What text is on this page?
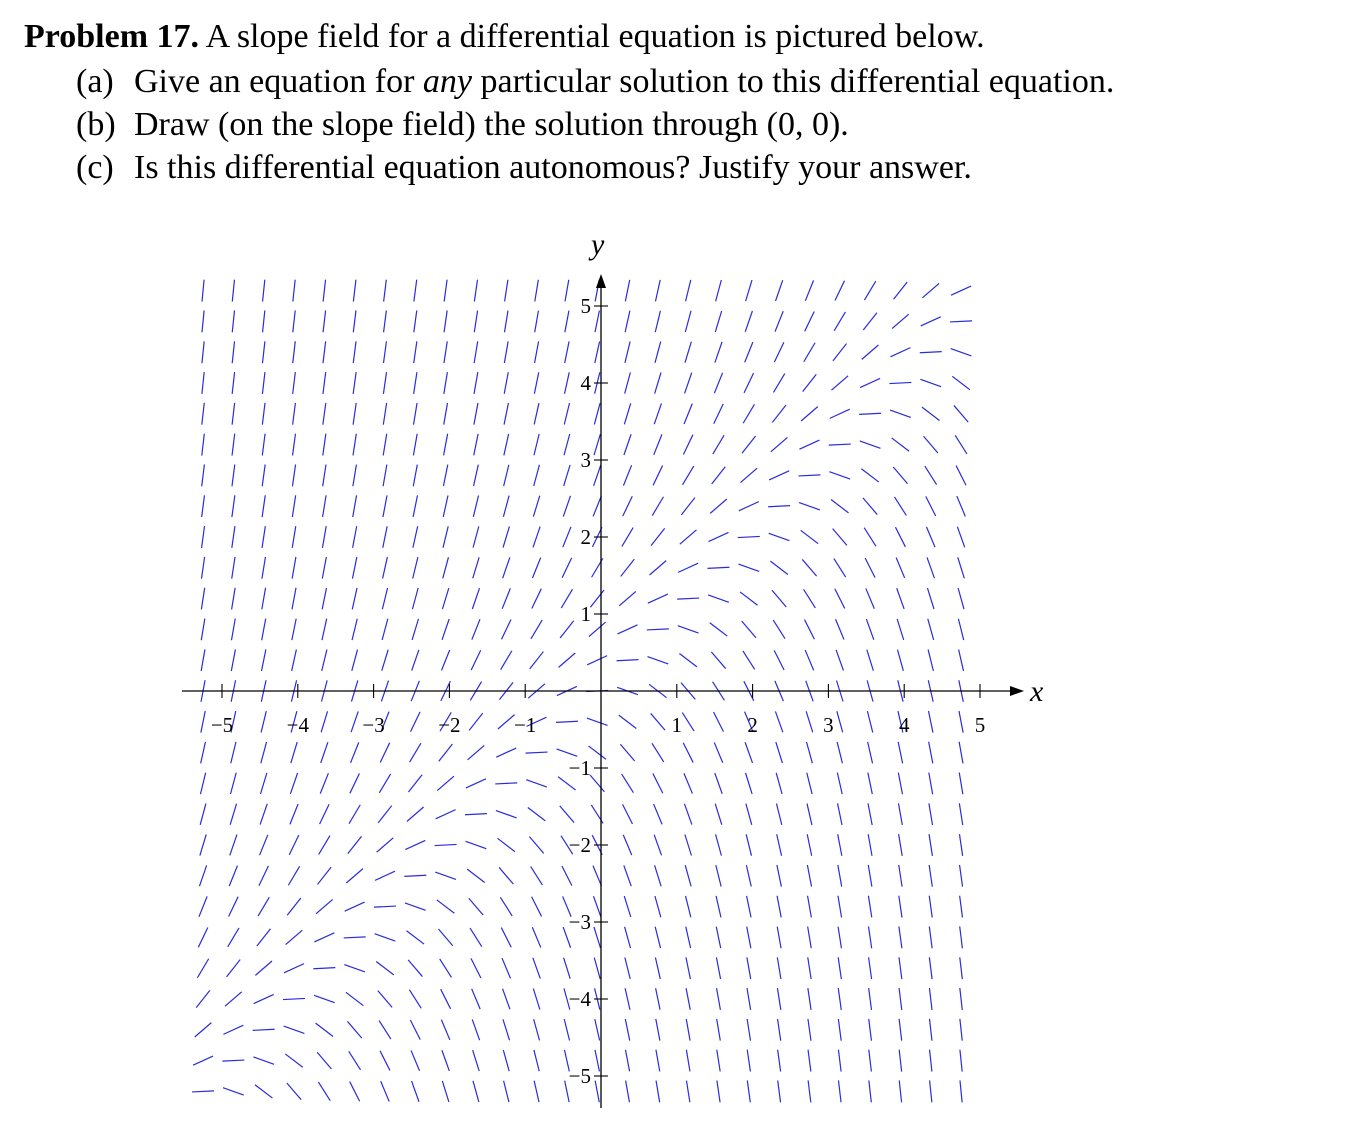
Problem 17. A slope field for a differential equation is pictured below.
(a) Give an equation for any particular solution to this differential equation.
(b) Draw (on the slope field) the solution through (0, 0).
(c) Is this differential equation autonomous? Justify your answer.
x
y
−5	−4	−3	−2	−1	1	2	3	4	5
−5
−4
−3
−2
−1
1
2
3
4
5
